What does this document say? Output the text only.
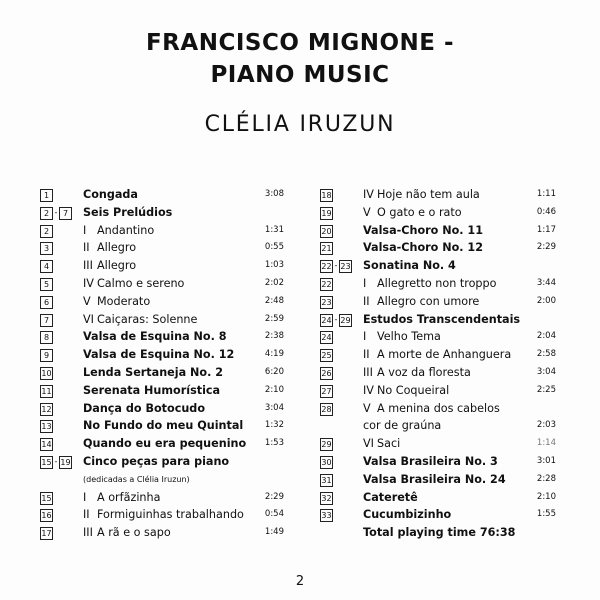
FRANCISCO MIGNONE -
PIANO MUSIC
CLÉLIA IRUZUN
1	Congada	3:08
2 - 7	Seis Prelúdios
2	I Andantino	1:31
3	II Allegro	0:55
4	III Allegro	1:03
5	IV Calmo e sereno	2:02
6	V Moderato	2:48
7	VI Caiçaras: Solenne	2:59
8	Valsa de Esquina No. 8	2:38
9	Valsa de Esquina No. 12	4:19
10	Lenda Sertaneja No. 2	6:20
11	Serenata Humorística	2:10
12	Dança do Botocudo	3:04
13	No Fundo do meu Quintal	1:32
14	Quando eu era pequenino 1:53
15 - 19 Cinco peças para piano
(dedicadas a Clélia Iruzun)
15	I A orfãzinha	2:29
16	II Formiguinhas trabalhando 0:54
17	III A rã e o sapo	1:49
18	IV Hoje não tem aula	1:11
19	V O gato e o rato	0:46
20	Valsa-Choro No. 11	1:17
21	Valsa-Choro No. 12	2:29
22 - 23 Sonatina No. 4
22	I Allegretto non troppo	3:44
23	II Allegro con umore	2:00
24 - 29 Estudos Transcendentais
24	I Velho Tema	2:04
25	II A morte de Anhanguera	2:58
26	III A voz da floresta	3:04
27	IV No Coqueiral	2:25
28	V A menina dos cabelos
cor de graúna	2:03
29	VI Saci	1:14
30	Valsa Brasileira No. 3	3:01
31	Valsa Brasileira No. 24	2:28
32	Cateretê	2:10
33	Cucumbizinho	1:55
Total playing time 76:38
2
